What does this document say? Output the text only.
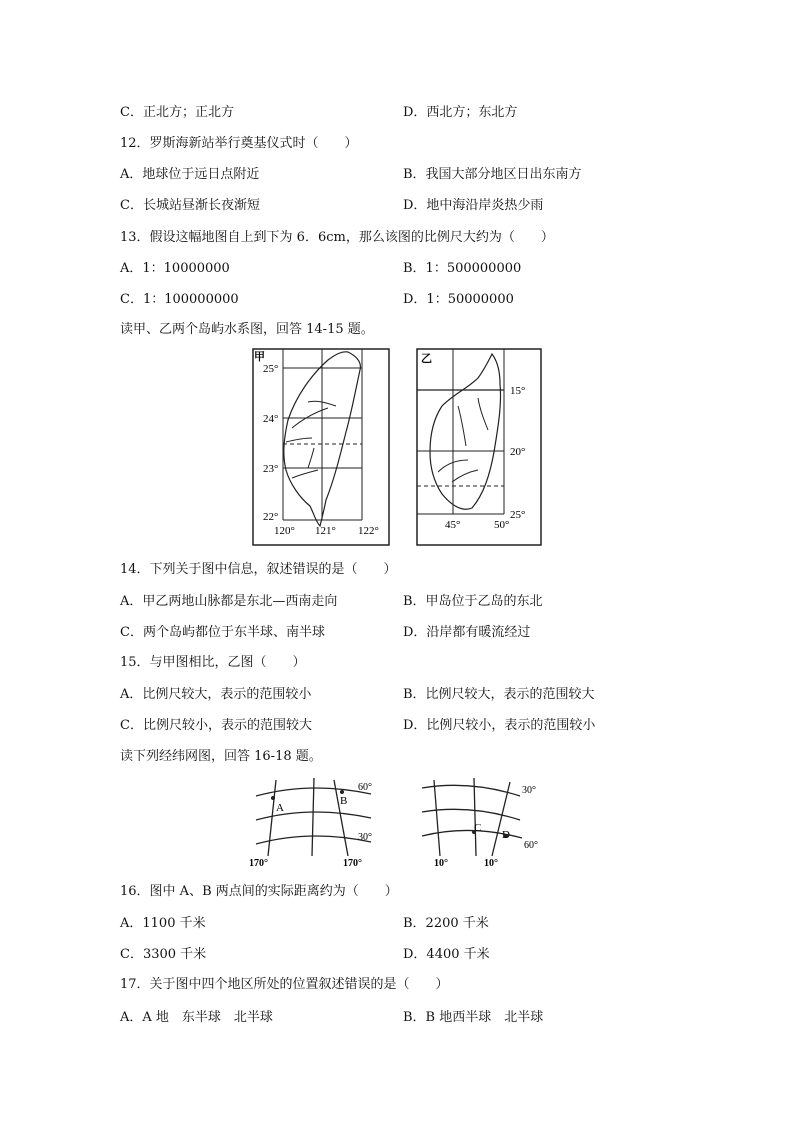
C．正北方；正北方	D．西北方；东北方
12．罗斯海新站举行奠基仪式时（　　）
A．地球位于远日点附近	B．我国大部分地区日出东南方
C．长城站昼渐长夜渐短	D．地中海沿岸炎热少雨
13．假设这幅地图自上到下为 6．6cm，那么该图的比例尺大约为（　　）
A．1：10000000	B．1：500000000
C．1：100000000	D．1：50000000
读甲、乙两个岛屿水系图，回答 14-15 题。
甲
25°
24°
23°
22°
120° 121° 122°
乙
15°
20°
25°
45°	50°
14．下列关于图中信息，叙述错误的是（　　）
A．甲乙两地山脉都是东北—西南走向	B．甲岛位于乙岛的东北
C．两个岛屿都位于东半球、南半球	D．沿岸都有暖流经过
15．与甲图相比，乙图（　　）
A．比例尺较大，表示的范围较小	B．比例尺较大，表示的范围较大
C．比例尺较小，表示的范围较大	D．比例尺较小，表示的范围较小
读下列经纬网图，回答 16-18 题。
A
B
60°
30°
170°	170°
C
D
30°
60°
10°	10°
16．图中 A、B 两点间的实际距离约为（　　）
A．1100 千米	B．2200 千米
C．3300 千米	D．4400 千米
17．关于图中四个地区所处的位置叙述错误的是（　　）
A．A 地　东半球　北半球	B．B 地西半球　北半球
